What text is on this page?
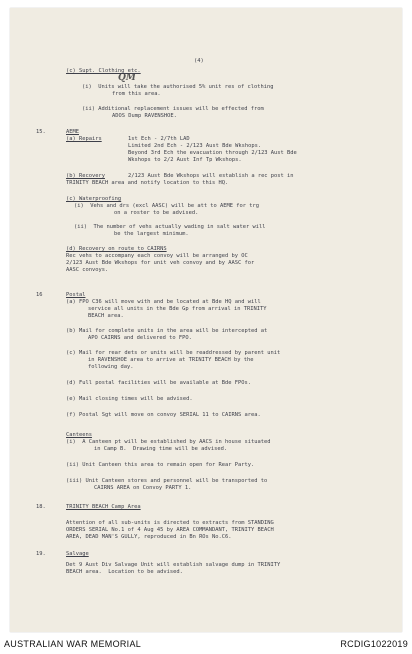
(4)
QM
(c) Supt. Clothing etc.
(i)  Units will take the authorised 5% unit res of clothing
from this area.
(ii) Additional replacement issues will be effected from
ADOS Dump RAVENSHOE.
15.	AEME
(a) Repairs	1st Ech - 2/7th LAD
Limited 2nd Ech - 2/123 Aust Bde Wkshops.
Beyond 3rd Ech the evacuation through 2/123 Aust Bde
Wkshops to 2/2 Aust Inf Tp Wkshops.
(b) Recovery	2/123 Aust Bde Wkshops will establish a rec post in
TRINITY BEACH area and notify location to this HQ.
(c) Waterproofing
(i)  Vehs and drs (excl AASC) will be att to AEME for trg
on a roster to be advised.
(ii)  The number of vehs actually wading in salt water will
be the largest minimum.
(d) Recovery on route to CAIRNS
Rec vehs to accompany each convoy will be arranged by OC
2/123 Aust Bde Wkshops for unit veh convoy and by AASC for
AASC convoys.
16	Postal
(a) FPO C36 will move with and be located at Bde HQ and will
service all units in the Bde Gp from arrival in TRINITY
BEACH area.
(b) Mail for complete units in the area will be intercepted at
APO CAIRNS and delivered to FPO.
(c) Mail for rear dets or units will be readdressed by parent unit
in RAVENSHOE area to arrive at TRINITY BEACH by the
following day.
(d) Full postal facilities will be available at Bde FPOs.
(e) Mail closing times will be advised.
(f) Postal Sgt will move on convoy SERIAL 11 to CAIRNS area.
Canteens
(i)  A Canteen pt will be established by AACS in house situated
in Camp B.  Drawing time will be advised.
(ii) Unit Canteen this area to remain open for Rear Party.
(iii) Unit Canteen stores and personnel will be transported to
CAIRNS AREA on Convoy PARTY 1.
18.	TRINITY BEACH Camp Area
Attention of all sub-units is directed to extracts from STANDING
ORDERS SERIAL No.1 of 4 Aug 45 by AREA COMMANDANT, TRINITY BEACH
AREA, DEAD MAN'S GULLY, reproduced in Bn ROs No.C6.
19.	Salvage
Det 9 Aust Div Salvage Unit will establish salvage dump in TRINITY
BEACH area.  Location to be advised.
AUSTRALIAN WAR MEMORIAL	RCDIG1022019
